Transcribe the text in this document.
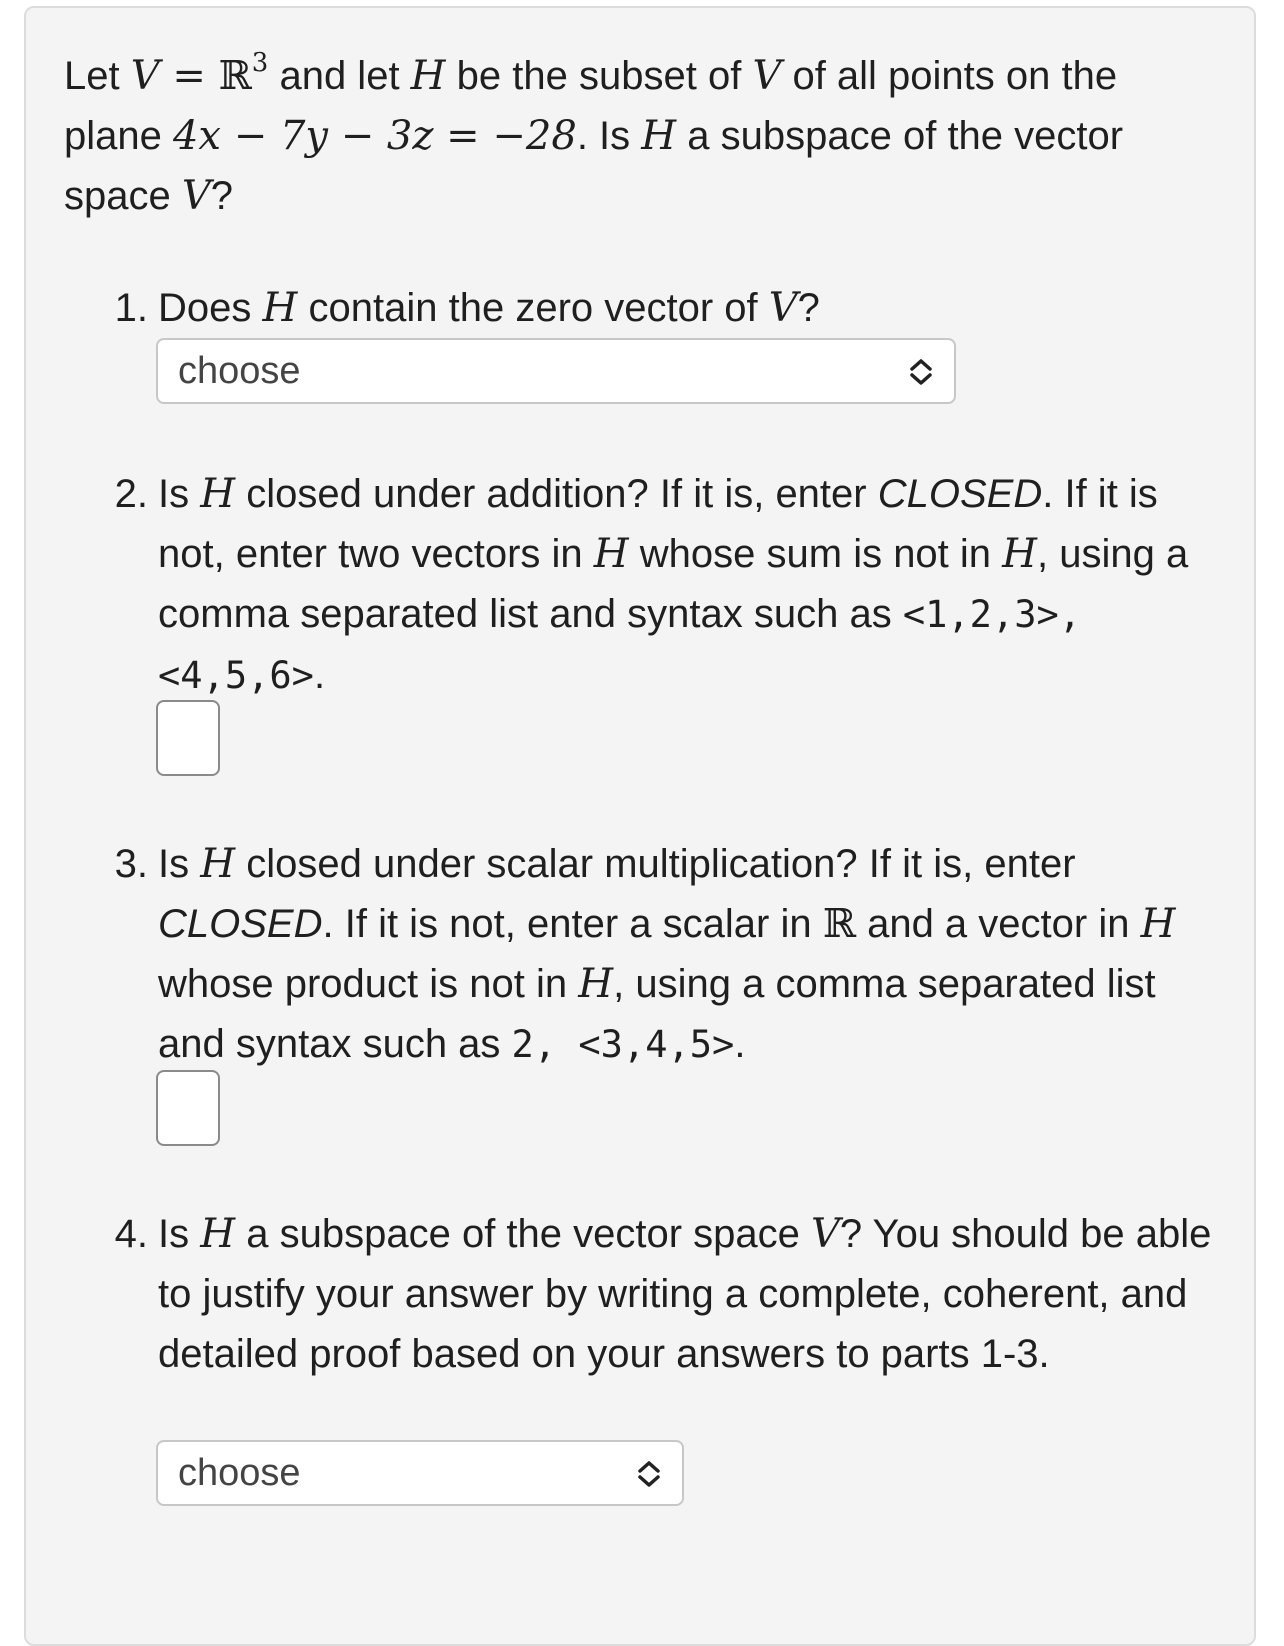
Let V = ℝ$^3$ and let H be the subset of V of all points on the plane 4x − 7y − 3z = −28. Is H a subspace of the vector space V?
1. Does H contain the zero vector of V?
choose
2. Is H closed under addition? If it is, enter CLOSED. If it is not, enter two vectors in H whose sum is not in H, using a comma separated list and syntax such as <1,2,3>, <4,5,6>.
3. Is H closed under scalar multiplication? If it is, enter CLOSED. If it is not, enter a scalar in ℝ and a vector in H whose product is not in H, using a comma separated list and syntax such as 2, <3,4,5>.
4. Is H a subspace of the vector space V? You should be able to justify your answer by writing a complete, coherent, and detailed proof based on your answers to parts 1-3.
choose
